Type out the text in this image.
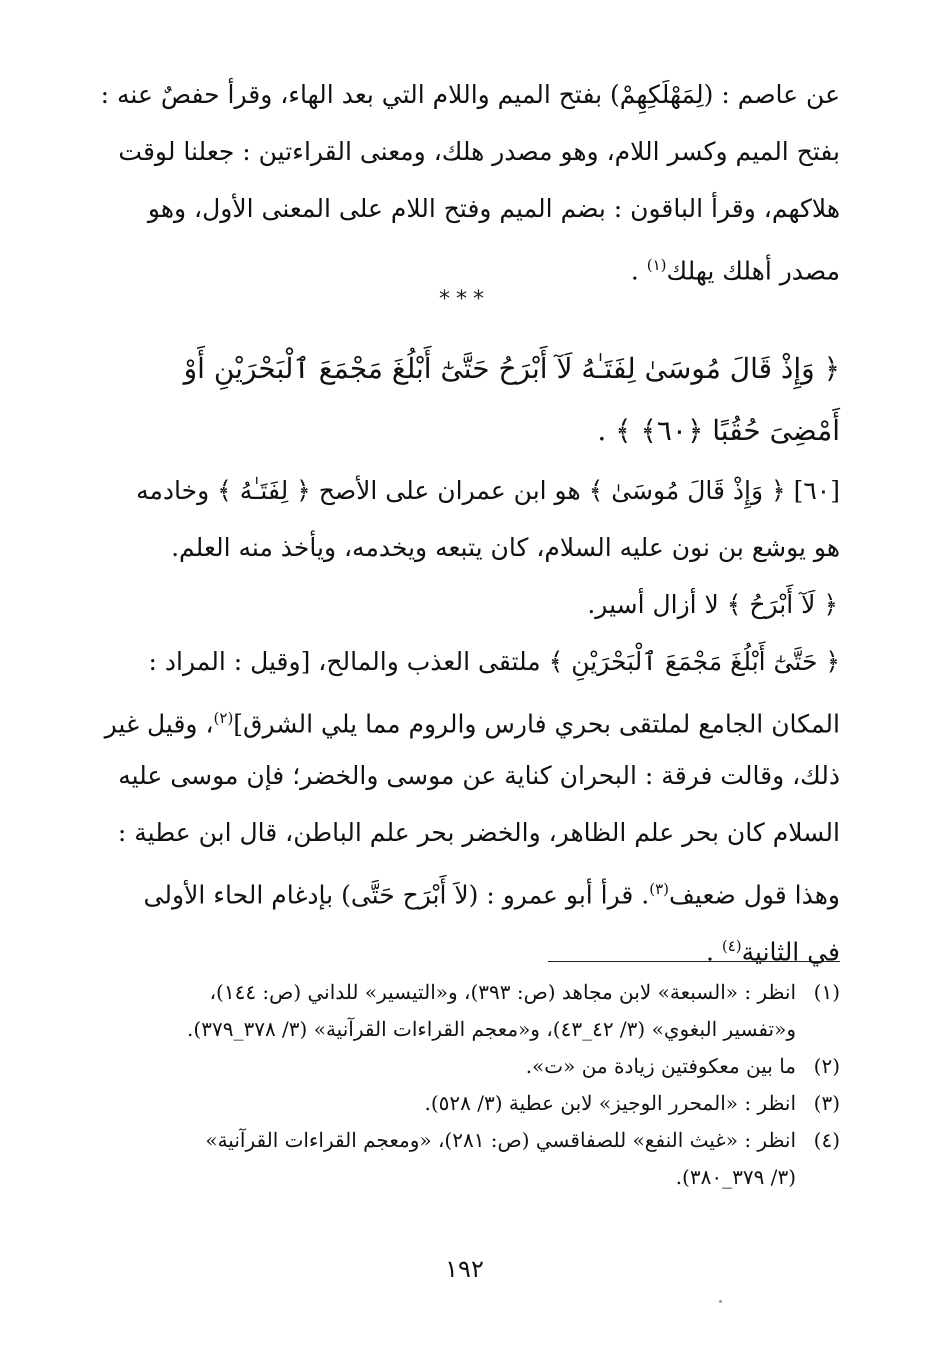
عن عاصم : (لِمَهْلَكِهِمْ) بفتح الميم واللام التي بعد الهاء، وقرأ حفصٌ عنه :
بفتح الميم وكسر اللام، وهو مصدر هلك، ومعنى القراءتين : جعلنا لوقت
هلاكهم، وقرأ الباقون : بضم الميم وفتح اللام على المعنى الأول، وهو
مصدر أهلك يهلك$^{(١)}$ .
***
﴿ وَإِذْ قَالَ مُوسَىٰ لِفَتَـٰهُ لَآ أَبْرَحُ حَتَّىٰٓ أَبْلُغَ مَجْمَعَ ٱلْبَحْرَيْنِ أَوْ
أَمْضِىَ حُقُبًا ﴿٦٠﴾ ﴾ .
[٦٠] ﴿ وَإِذْ قَالَ مُوسَىٰ ﴾ هو ابن عمران على الأصح ﴿ لِفَتَـٰهُ ﴾ وخادمه
هو يوشع بن نون عليه السلام، كان يتبعه ويخدمه، ويأخذ منه العلم.
﴿ لَآ أَبْرَحُ ﴾ لا أزال أسير.
﴿ حَتَّىٰٓ أَبْلُغَ مَجْمَعَ ٱلْبَحْرَيْنِ ﴾ ملتقى العذب والمالح، [وقيل : المراد :
المكان الجامع لملتقى بحري فارس والروم مما يلي الشرق]$^{(٢)}$، وقيل غير
ذلك، وقالت فرقة : البحران كناية عن موسى والخضر؛ فإن موسى عليه
السلام كان بحر علم الظاهر، والخضر بحر علم الباطن، قال ابن عطية :
وهذا قول ضعيف$^{(٣)}$. قرأ أبو عمرو : (لاَ أَبْرَح حَتَّى) بإدغام الحاء الأولى
في الثانية$^{(٤)}$ .
(١)
انظر : «السبعة» لابن مجاهد (ص: ٣٩٣)، و«التيسير» للداني (ص: ١٤٤)،
و«تفسير البغوي» (٣/ ٤٢_٤٣)، و«معجم القراءات القرآنية» (٣/ ٣٧٨_٣٧٩).
(٢)
ما بين معكوفتين زيادة من «ت».
(٣)
انظر : «المحرر الوجيز» لابن عطية (٣/ ٥٢٨).
(٤)
انظر : «غيث النفع» للصفاقسي (ص: ٢٨١)، «ومعجم القراءات القرآنية»
(٣/ ٣٧٩_٣٨٠).
١٩٢
